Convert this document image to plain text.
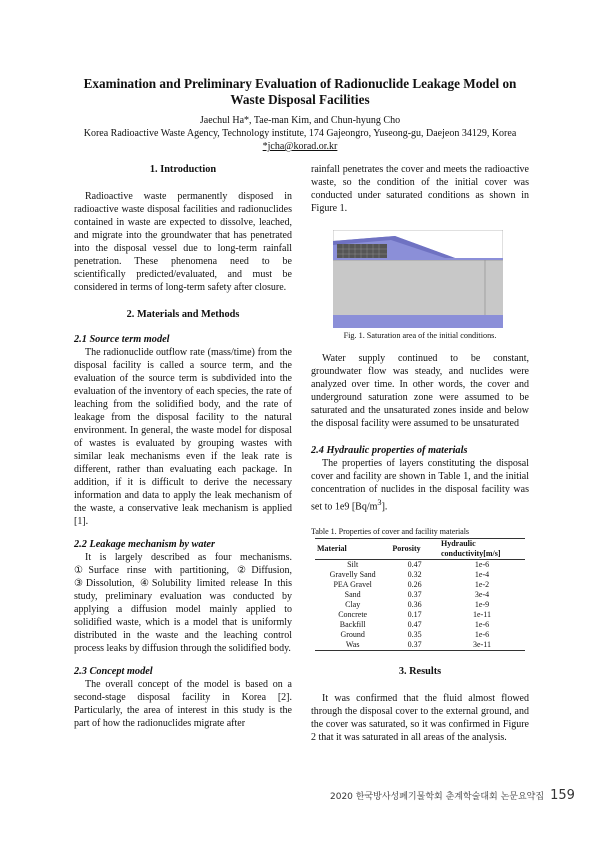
Examination and Preliminary Evaluation of Radionuclide Leakage Model on
Waste Disposal Facilities
Jaechul Ha*, Tae-man Kim, and Chun-hyung Cho
Korea Radioactive Waste Agency, Technology institute, 174 Gajeongro, Yuseong-gu, Daejeon 34129, Korea
*jcha@korad.or.kr
1. Introduction

Radioactive waste permanently disposed in radioactive waste disposal facilities and radionuclides contained in waste are expected to dissolve, leached, and migrate into the groundwater that has penetrated into the disposal vessel due to long-term rainfall penetration. These phenomena need to be scientifically predicted/evaluated, and must be considered in terms of long-term safety after closure.

2. Materials and Methods
2.1 Source term model

The radionuclide outflow rate (mass/time) from the disposal facility is called a source term, and the evaluation of the source term is subdivided into the evaluation of the inventory of each species, the rate of leaching from the solidified body, and the rate of leakage from the disposal facility to the natural environment. In general, the waste model for disposal of wastes is evaluated by grouping wastes with similar leak mechanisms even if the leak rate is different, rather than evaluating each package. In addition, if it is difficult to derive the necessary information and data to apply the leak mechanism of the waste, a conservative leak mechanism is applied [1].

2.2 Leakage mechanism by water

It is largely described as four mechanisms. ①Surface rinse with partitioning, ②Diffusion, ③Dissolution, ④Solubility limited release In this study, preliminary evaluation was conducted by applying a diffusion model mainly applied to solidified waste, which is a model that is uniformly distributed in the waste and the leaching control process leaks by diffusion through the solidified body.

2.3 Concept model

The overall concept of the model is based on a second-stage disposal facility in Korea [2]. Particularly, the area of interest in this study is the part of how the radionuclides migrate after

rainfall penetrates the cover and meets the radioactive waste, so the condition of the initial cover was conducted under saturated conditions as shown in Figure 1.

Fig. 1. Saturation area of the initial conditions.

Water supply continued to be constant, groundwater flow was steady, and nuclides were analyzed over time. In other words, the cover and underground saturation zone were assumed to be saturated and the unsaturated zones inside and below the disposal facility were assumed to be unsaturated

2.4 Hydraulic properties of materials

The properties of layers constituting the disposal cover and facility are shown in Table 1, and the initial concentration of nuclides in the disposal facility was set to 1e9 $[Bq/m^3]$.

Table 1. Properties of cover and facility materials
Material	Porosity	Hydraulic conductivity[m/s]
Silt	0.47	1e-6
Gravelly Sand	0.32	1e-4
PEA Gravel	0.26	1e-2
Sand	0.37	3e-4
Clay	0.36	1e-9
Concrete	0.17	1e-11
Backfill	0.47	1e-6
Ground	0.35	1e-6
Was	0.37	3e-11
3. Results

It was confirmed that the fluid almost flowed through the disposal cover to the external ground, and the cover was saturated, so it was confirmed in Figure 2 that it was saturated in all areas of the analysis.

2020 한국방사성폐기물학회 춘계학술대회 논문요약집 159
